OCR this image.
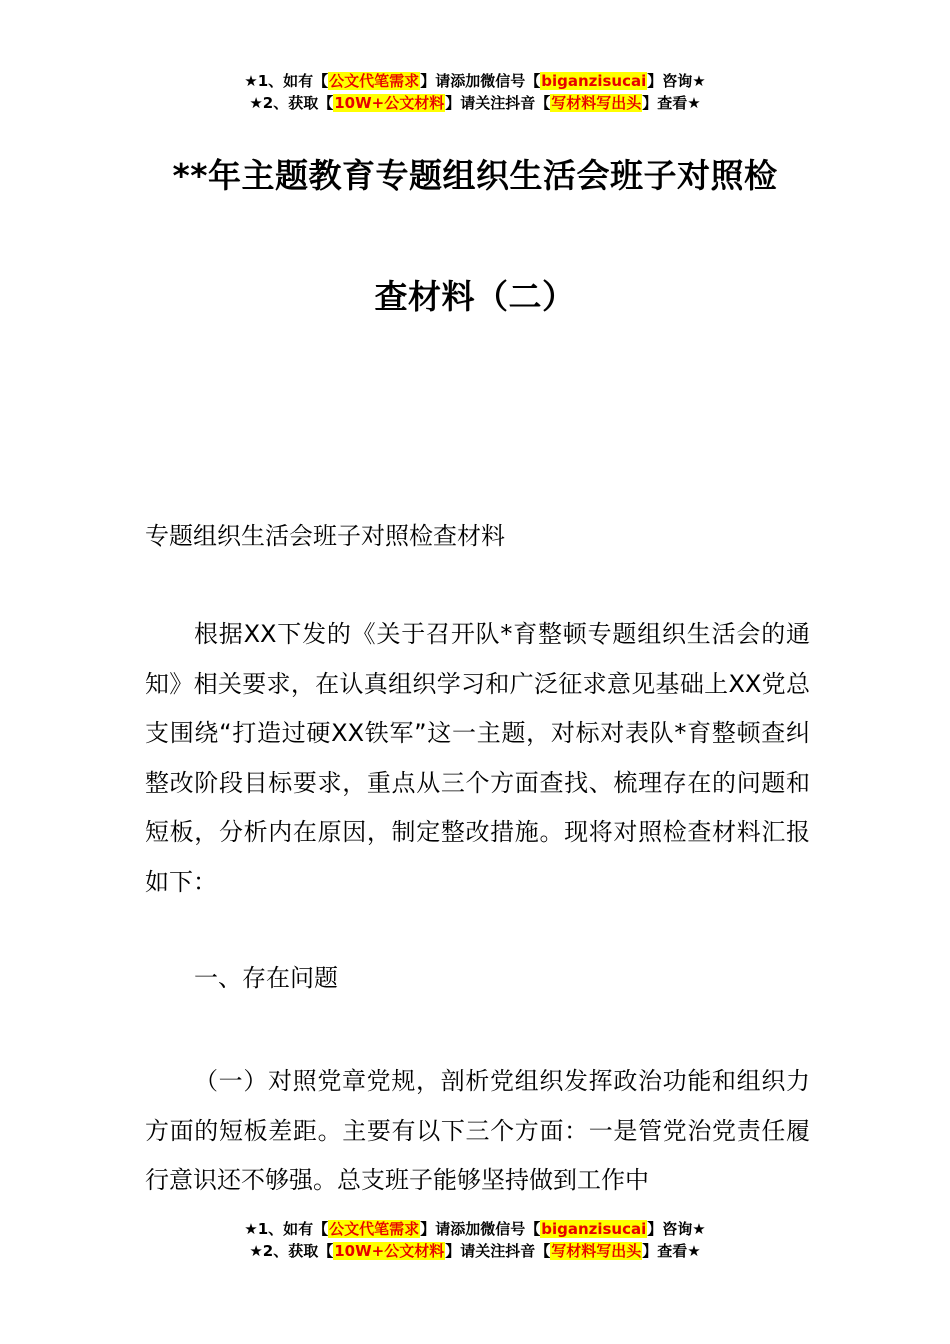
★1、如有【公文代笔需求】请添加微信号【biganzisucai】咨询★
★2、获取【10W+公文材料】请关注抖音【写材料写出头】查看★
**年主题教育专题组织生活会班子对照检
查材料（二）
专题组织生活会班子对照检查材料
根据XX下发的《关于召开队*育整顿专题组织生活会的通知》相关要求，在认真组织学习和广泛征求意见基础上XX党总支围绕“打造过硬XX铁军”这一主题，对标对表队*育整顿查纠整改阶段目标要求，重点从三个方面查找、梳理存在的问题和短板，分析内在原因，制定整改措施。现将对照检查材料汇报如下：
一、存在问题
（一）对照党章党规，剖析党组织发挥政治功能和组织力方面的短板差距。主要有以下三个方面：一是管党治党责任履行意识还不够强。总支班子能够坚持做到工作中
★1、如有【公文代笔需求】请添加微信号【biganzisucai】咨询★
★2、获取【10W+公文材料】请关注抖音【写材料写出头】查看★
